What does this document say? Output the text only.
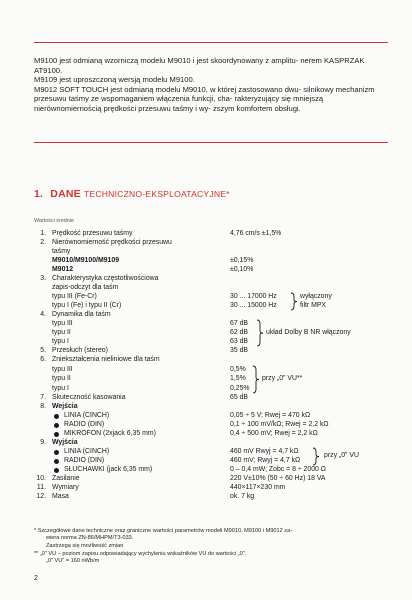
M9100 jest odmianą wzorniczą modelu M9010 i jest skoordynowany z amplitu- nerem KASPRZAK AT9100.

M9109 jest uproszczoną wersją modelu M9100.

M9012 SOFT TOUCH jest odmianą modelu M9010, w której zastosowano dwu- silnikowy mechanizm przesuwu taśmy ze wspomaganiem włączenia funkcji, cha- rakteryzujący się mniejszą nierównomiernością prędkości przesuwu taśmy i wy- ższym komfortem obsługi.

1. DANE TECHNICZNO-EKSPLOATACYJNE*
Wartości średnie
1. Prędkość przesuwu taśmy	4,76 cm/s ±1,5%
2. Nierównomierność prędkości przesuwu
taśmy
M9010/M9100/M9109	±0,15%
M9012	±0,10%
3. Charakterystyka częstotliwościowa
zapis-odczyt dla taśm
typu III (Fe-Cr)	30 ... 17000 Hz
typu I (Fe) i typu II (Cr)	30 ... 15000 Hz
wyłączony
filtr MPX
4. Dynamika dla taśm
typu III	67 dB
typu II	62 dB
typu I	63 dB
układ Dolby B NR włączony
5. Przesłuch (stereo)	35 dB
6. Zniekształcenia nieliniowe dla taśm
typu III	0,5%
typu II	1,5%
typu I	0,25%
przy „0" VU**
7. Skuteczność kasowania	65 dB
8. Wejścia
LINIA (CINCH)	0,05 ÷ 5 V; Rwej = 470 kΩ
RADIO (DIN)	0,1 ÷ 100 mV/kΩ; Rwej = 2,2 kΩ
MIKROFON (2xjack 6,35 mm)	0,4 ÷ 500 mV; Rwej = 2,2 kΩ
9. Wyjścia
LINIA (CINCH)	460 mV Rwyj = 4,7 kΩ
RADIO (DIN)	460 mV; Rwyj = 4,7 kΩ
SŁUCHAWKI (jack 6,35 mm)	0 – 0,4 mW; Zobc = 8 ÷ 2000 Ω
przy „0" VU
10. Zasilanie	220 V±10% (50 ÷ 60 Hz) 18 VA
11. Wymiary	440×117×230 mm
12. Masa	ok. 7 kg
* Szczegółowe dane techniczne oraz graniczne wartości parametrów modeli M9010, M9100 i M9012 za-
wiera norma ZN-86/MHPM/T3-033.
Zastrzega się możliwość zmian
** „0" VU – poziom zapisu odpowiadający wychyleniu wskaźników VU do wartości „0".
„0" VU" = 160 nWb/m
2
